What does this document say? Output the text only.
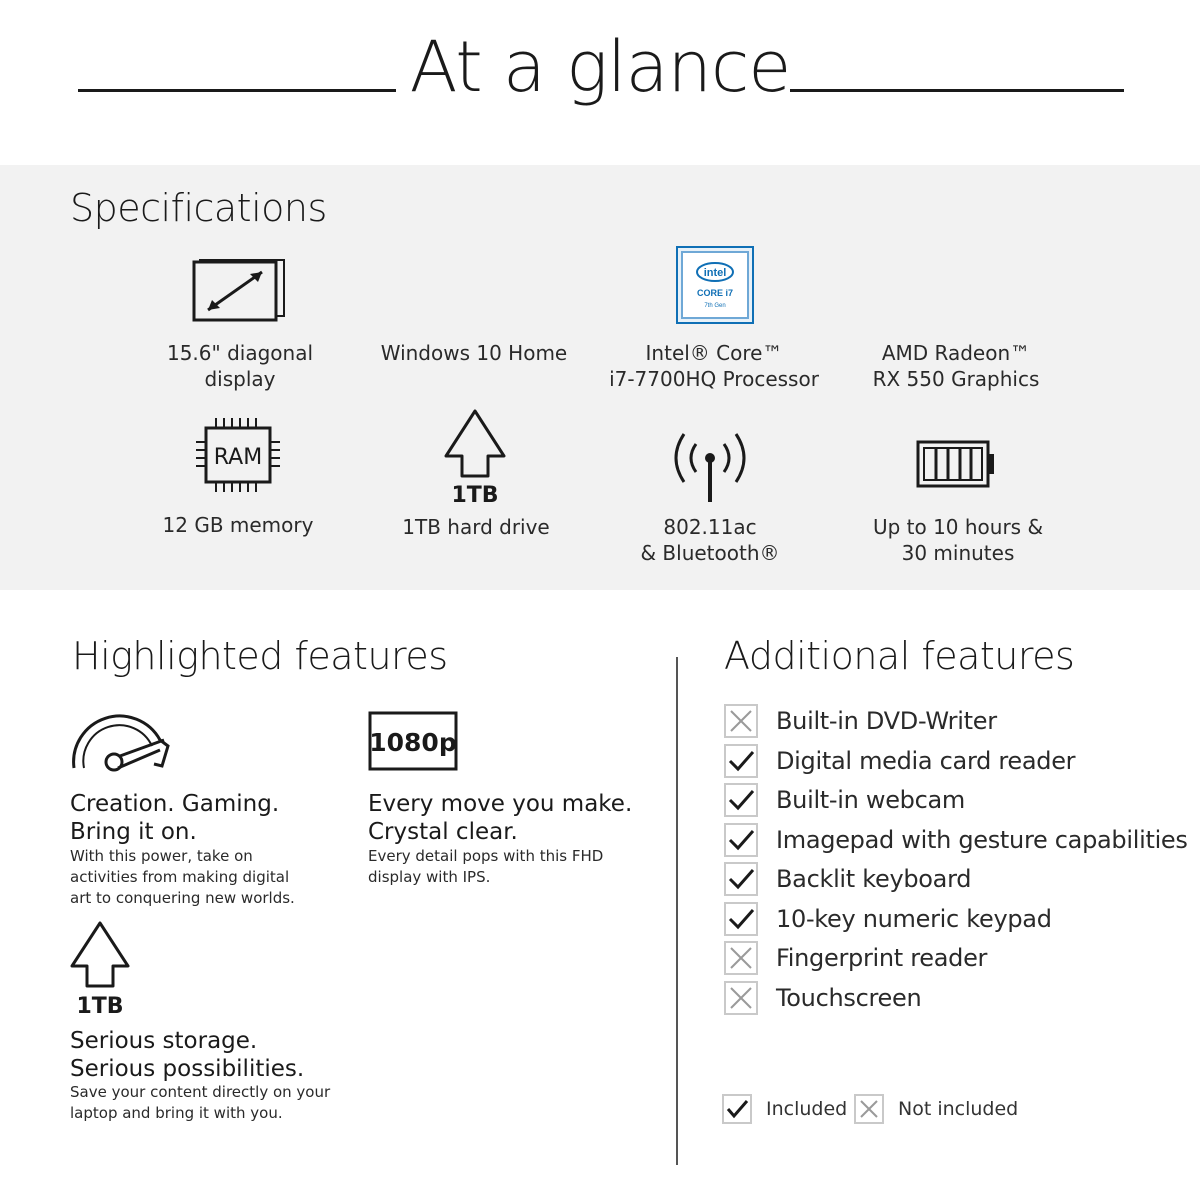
At a glance
Specifications
intel
CORE i7
7th Gen
RAM
1TB
15.6" diagonal
display
Windows 10 Home	Intel® Core™
i7-7700HQ Processor
AMD Radeon™
RX 550 Graphics
12 GB memory	1TB hard drive	802.11ac
& Bluetooth®
Up to 10 hours &
30 minutes
Highlighted features
1080p
1TB
Creation. Gaming.
Bring it on.
With this power, take on
activities from making digital
art to conquering new worlds.
Every move you make.
Crystal clear.
Every detail pops with this FHD
display with IPS.
Serious storage.
Serious possibilities.
Save your content directly on your
laptop and bring it with you.
Additional features
Built-in DVD-Writer
Digital media card reader
Built-in webcam
Imagepad with gesture capabilities
Backlit keyboard
10-key numeric keypad
Fingerprint reader
Touchscreen
Included	Not included
